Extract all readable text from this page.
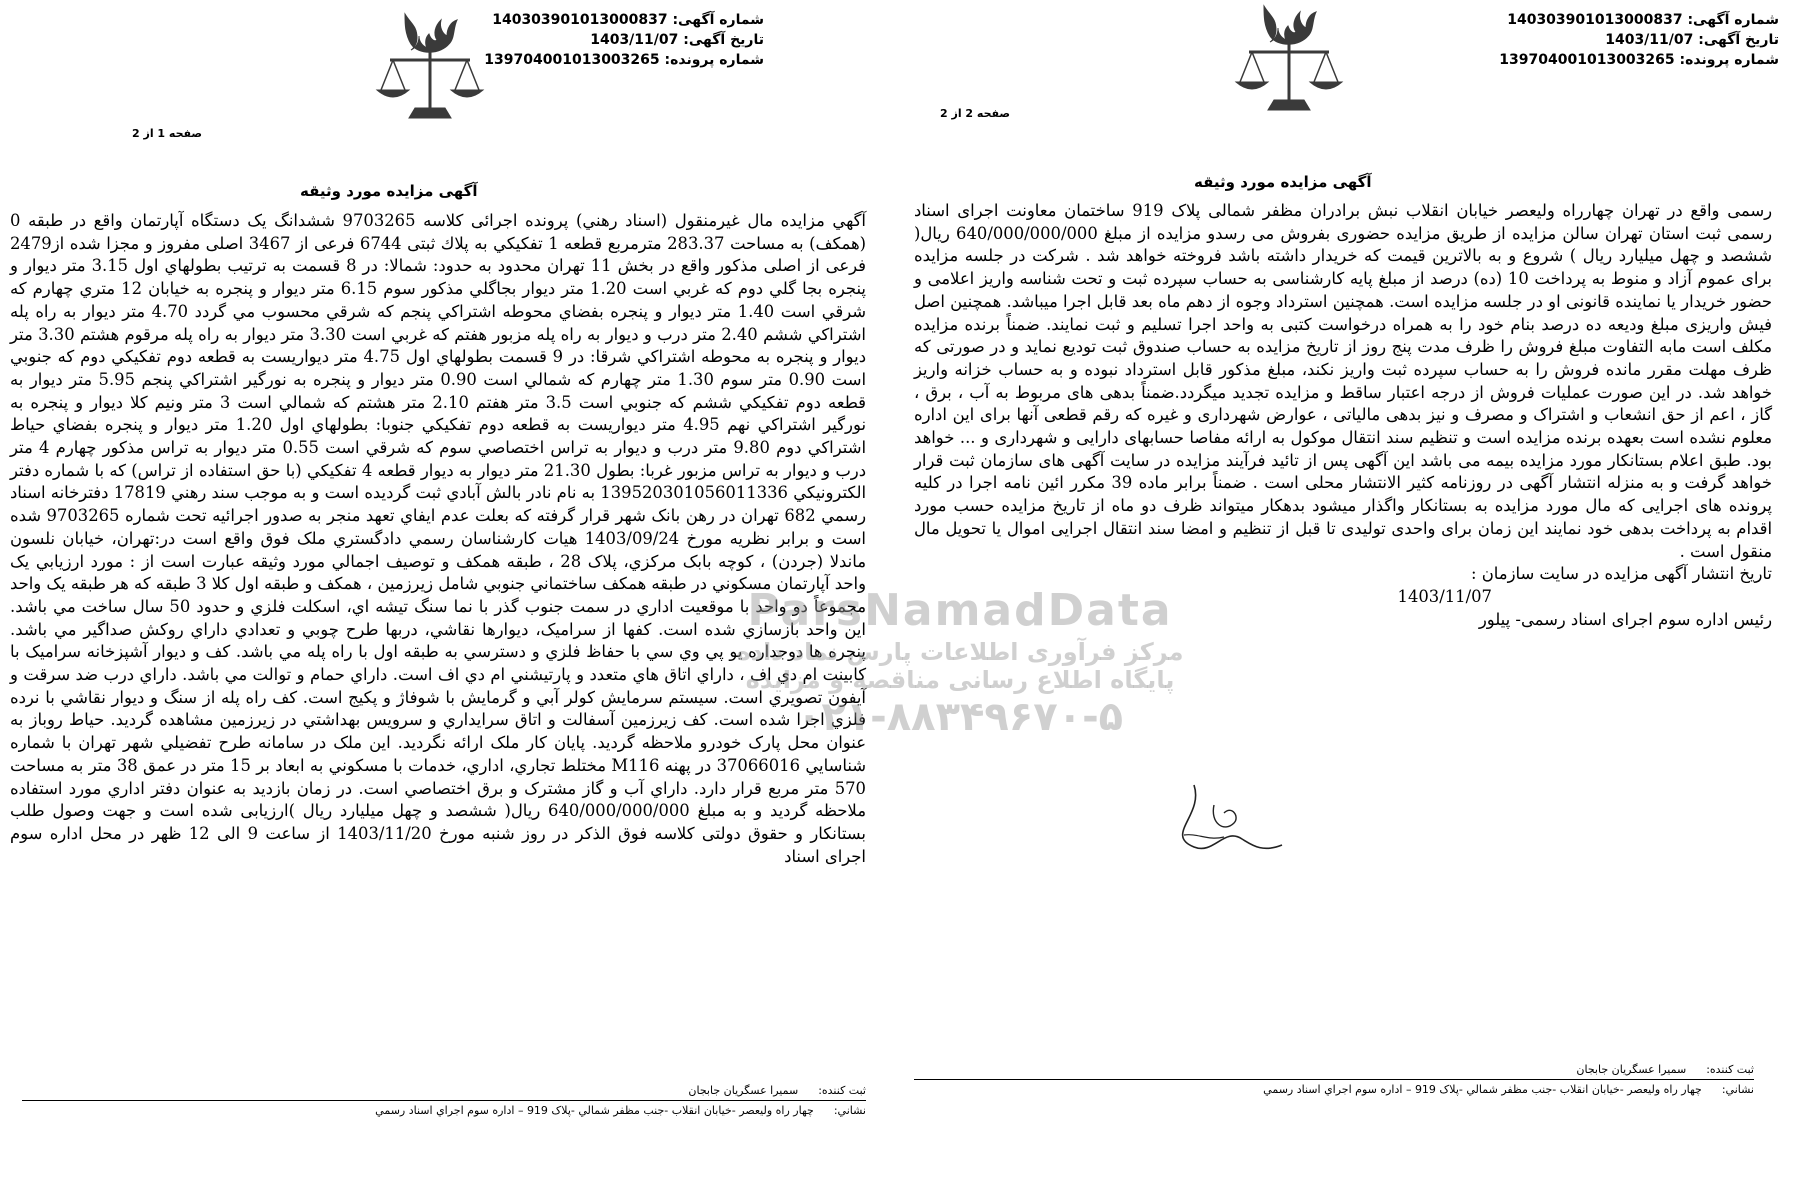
شماره آگهی: 140303901013000837
تاریخ آگهی: 1403/11/07
شماره پرونده: 139704001013003265
صفحه 1 از 2
آگهی مزایده مورد وثیقه

آگهي مزايده مال غيرمنقول (اسناد رهني) پرونده اجرائی كلاسه 9703265 ششدانگ يک دستگاه آپارتمان واقع در طبقه 0 (همكف) به مساحت 283.37 مترمربع قطعه 1 تفكيكي به پلاك ثبتی 6744 فرعی از 3467 اصلی مفروز و مجزا شده از2479 فرعی از اصلی مذكور واقع در بخش 11 تهران محدود به حدود: شمالا: در 8 قسمت به ترتيب بطولهاي اول 3.15 متر ديوار و پنجره بجا گلي دوم كه غربي است 1.20 متر ديوار بجاگلي مذكور سوم 6.15 متر ديوار و پنجره به خيابان 12 متري چهارم كه شرقي است 1.40 متر ديوار و پنجره بفضاي محوطه اشتراكي پنجم كه شرقي محسوب مي گردد 4.70 متر ديوار به راه پله اشتراكي ششم 2.40 متر درب و ديوار به راه پله مزبور هفتم كه غربي است 3.30 متر ديوار به راه پله مرقوم هشتم 3.30 متر ديوار و پنجره به محوطه اشتراكي شرقا: در 9 قسمت بطولهاي اول 4.75 متر ديواريست به قطعه دوم تفكيكي دوم كه جنوبي است 0.90 متر سوم 1.30 متر چهارم كه شمالي است 0.90 متر ديوار و پنجره به نورگير اشتراكي پنجم 5.95 متر ديوار به قطعه دوم تفكيكي ششم كه جنوبي است 3.5 متر هفتم 2.10 متر هشتم كه شمالي است 3 متر ونيم كلا ديوار و پنجره به نورگير اشتراكي نهم 4.95 متر ديواريست به قطعه دوم تفكيكي جنوبا: بطولهاي اول 1.20 متر ديوار و پنجره بفضاي حياط اشتراكي دوم 9.80 متر درب و ديوار به تراس اختصاصي سوم كه شرقي است 0.55 متر ديوار به تراس مذكور چهارم 4 متر درب و ديوار به تراس مزبور غربا: بطول 21.30 متر ديوار به ديوار قطعه 4 تفكيكي (با حق استفاده از تراس) كه با شماره دفتر الكترونيكي 139520301056011336 به نام نادر بالش آبادي ثبت گرديده است و به موجب سند رهني 17819 دفترخانه اسناد رسمي 682 تهران در رهن بانک شهر قرار گرفته كه بعلت عدم ايفاي تعهد منجر به صدور اجرائيه تحت شماره 9703265 شده است و برابر نظريه مورخ 1403/09/24 هيات كارشناسان رسمي دادگستري ملک فوق واقع است در:تهران، خيابان نلسون ماندلا (جردن) ، كوچه بابک مركزي، پلاک 28 ، طبقه همكف و توصيف اجمالي مورد وثيقه عبارت است از : مورد ارزيابي يک واحد آپارتمان مسكوني در طبقه همكف ساختماني جنوبي شامل زيرزمين ، همكف و طبقه اول كلا 3 طبقه كه هر طبقه يک واحد مجموعاً دو واحد با موقعيت اداري در سمت جنوب گذر با نما سنگ تيشه اي، اسكلت فلزي و حدود 50 سال ساخت مي باشد. اين واحد بازسازي شده است. كفها از سراميک، ديوارها نقاشي، دربها طرح چوبي و تعدادي داراي روكش صداگير مي باشد. پنجره ها دوجداره يو پي وي سي با حفاظ فلزي و دسترسي به طبقه اول با راه پله مي باشد. كف و ديوار آشپزخانه سراميک با كابينت ام دي اف ، داراي اتاق هاي متعدد و پارتيشني ام دي اف است. داراي حمام و توالت مي باشد. داراي درب ضد سرقت و آيفون تصويري است. سيستم سرمايش كولر آبي و گرمايش با شوفاژ و پكيج است. كف راه پله از سنگ و ديوار نقاشي با نرده فلزي اجرا شده است. كف زيرزمين آسفالت و اتاق سرايداري و سرويس بهداشتي در زيرزمين مشاهده گرديد. حياط روباز به عنوان محل پارک خودرو ملاحظه گرديد. پايان كار ملک ارائه نگرديد. اين ملک در سامانه طرح تفضيلي شهر تهران با شماره شناسايي 37066016 در پهنه M116 مختلط تجاري، اداري، خدمات با مسكوني به ابعاد بر 15 متر در عمق 38 متر به مساحت 570 متر مربع قرار دارد. داراي آب و گاز مشترک و برق اختصاصي است. در زمان بازديد به عنوان دفتر اداري مورد استفاده ملاحظه گرديد و به مبلغ 640/000/000/000 ريال( ششصد و چهل ميليارد ريال )ارزيابی شده است و جهت وصول طلب بستانكار و حقوق دولتی كلاسه فوق الذكر در روز شنبه مورخ 1403/11/20 از ساعت 9 الی 12 ظهر در محل اداره سوم اجرای اسناد

ثبت كننده:
سميرا عسگريان جابجان
نشاني:
چهار راه وليعصر -خيابان انقلاب -جنب مظفر شمالي -پلاک 919 – اداره سوم اجراي اسناد رسمي
شماره آگهی: 140303901013000837
تاریخ آگهی: 1403/11/07
شماره پرونده: 139704001013003265
صفحه 2 از 2
آگهی مزایده مورد وثیقه

رسمی واقع در تهران چهارراه وليعصر خيابان انقلاب نبش برادران مظفر شمالی پلاک 919 ساختمان معاونت اجرای اسناد رسمی ثبت استان تهران سالن مزايده از طريق مزايده حضوری بفروش می رسدو مزايده از مبلغ 640/000/000/000 ريال( ششصد و چهل ميليارد ريال ) شروع و به بالاترين قيمت كه خريدار داشته باشد فروخته خواهد شد . شركت در جلسه مزايده برای عموم آزاد و منوط به پرداخت 10 (ده) درصد از مبلغ پايه كارشناسی به حساب سپرده ثبت و تحت شناسه واريز اعلامی و حضور خريدار يا نماينده قانونی او در جلسه مزايده است. همچنين استرداد وجوه از دهم ماه بعد قابل اجرا ميباشد. همچنين اصل فيش واريزی مبلغ وديعه ده درصد بنام خود را به همراه درخواست كتبی به واحد اجرا تسليم و ثبت نمايند. ضمناً برنده مزايده مكلف است مابه التفاوت مبلغ فروش را ظرف مدت پنج روز از تاريخ مزايده به حساب صندوق ثبت توديع نمايد و در صورتی كه ظرف مهلت مقرر مانده فروش را به حساب سپرده ثبت واريز نكند، مبلغ مذكور قابل استرداد نبوده و به حساب خزانه واريز خواهد شد. در اين صورت عمليات فروش از درجه اعتبار ساقط و مزايده تجديد ميگردد.ضمناً بدهی های مربوط به آب ، برق ، گاز ، اعم از حق انشعاب و اشتراک و مصرف و نيز بدهی مالياتی ، عوارض شهرداری و غيره كه رقم قطعی آنها برای اين اداره معلوم نشده است بعهده برنده مزايده است و تنظيم سند انتقال موكول به ارائه مفاصا حسابهای دارايی و شهرداری و ... خواهد بود. طبق اعلام بستانكار مورد مزايده بيمه می باشد اين آگهی پس از تائيد فرآيند مزايده در سايت آگهی های سازمان ثبت قرار خواهد گرفت و به منزله انتشار آگهی در روزنامه كثير الانتشار محلی است . ضمناً برابر ماده 39 مكرر ائين نامه اجرا در كليه پرونده های اجرايی كه مال مورد مزايده به بستانكار واگذار ميشود بدهكار ميتواند ظرف دو ماه از تاريخ مزايده حسب مورد اقدام به پرداخت بدهی خود نمايند اين زمان برای واحدی توليدی تا قبل از تنظيم و امضا سند انتقال اجرايی اموال يا تحويل مال منقول است .

تاريخ انتشار آگهی مزايده در سايت سازمان :

1403/11/07

رئيس اداره سوم اجرای اسناد رسمی- پيلور

ثبت كننده:
سميرا عسگريان جابجان
نشاني:
چهار راه وليعصر -خيابان انقلاب -جنب مظفر شمالي -پلاک 919 – اداره سوم اجراي اسناد رسمي
ParsNamadData
مرکز فرآوری اطلاعات پارس نماد داده
پایگاه اطلاع رسانی مناقصه و مزایده
۰۲۱-۸۸۳۴۹۶۷۰-۵
